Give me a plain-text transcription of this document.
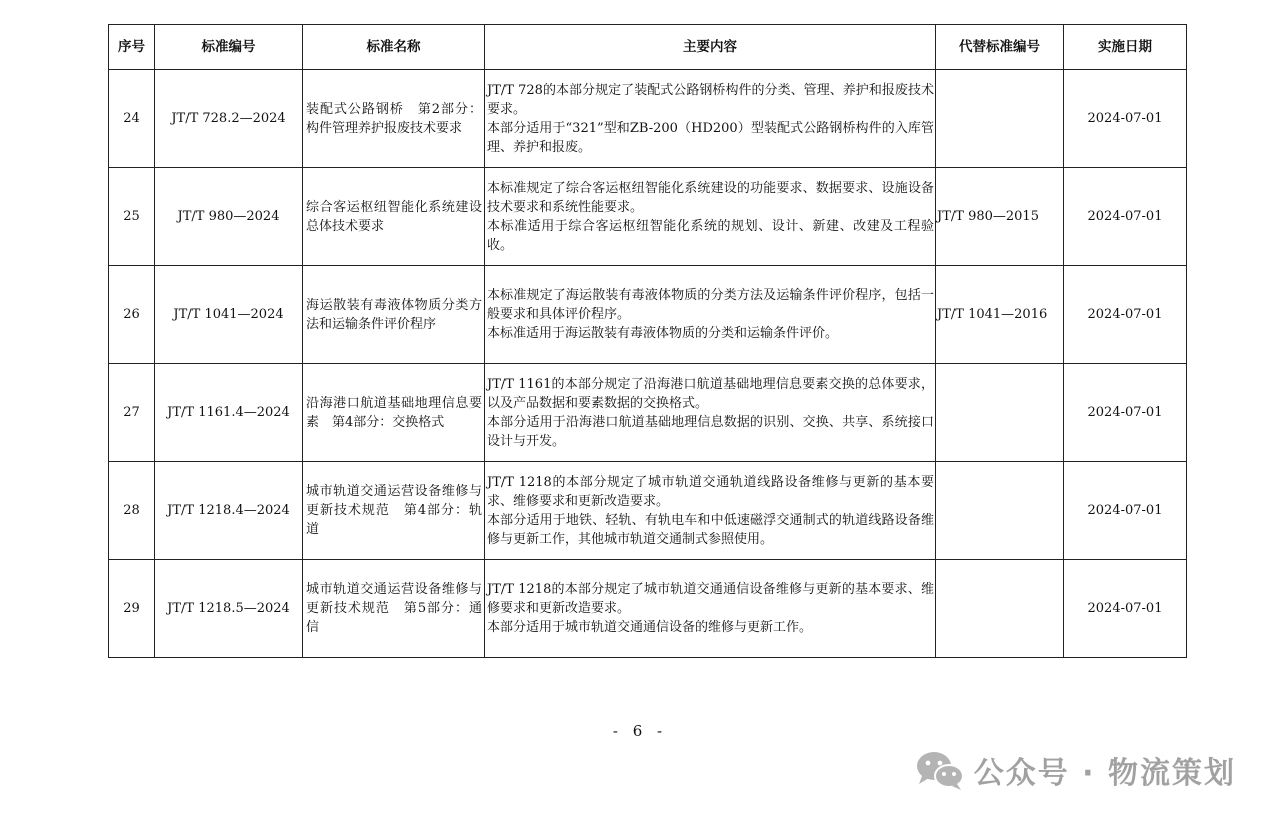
序号	标准编号	标准名称	主要内容	代替标准编号	实施日期
24	JT/T 728.2—2024	装配式公路钢桥　第2部分：构件管理养护报废技术要求	JT/T 728的本部分规定了装配式公路钢桥构件的分类、管理、养护和报废技术要求。

本部分适用于“321”型和ZB-200（HD200）型装配式公路钢桥构件的入库管理、养护和报废。		2024-07-01
25	JT/T 980—2024	综合客运枢纽智能化系统建设总体技术要求	本标准规定了综合客运枢纽智能化系统建设的功能要求、数据要求、设施设备技术要求和系统性能要求。

本标准适用于综合客运枢纽智能化系统的规划、设计、新建、改建及工程验收。	JT/T 980—2015	2024-07-01
26	JT/T 1041—2024	海运散装有毒液体物质分类方法和运输条件评价程序	本标准规定了海运散装有毒液体物质的分类方法及运输条件评价程序，包括一般要求和具体评价程序。

本标准适用于海运散装有毒液体物质的分类和运输条件评价。	JT/T 1041—2016	2024-07-01
27	JT/T 1161.4—2024	沿海港口航道基础地理信息要素　第4部分：交换格式	JT/T 1161的本部分规定了沿海港口航道基础地理信息要素交换的总体要求，以及产品数据和要素数据的交换格式。

本部分适用于沿海港口航道基础地理信息数据的识别、交换、共享、系统接口设计与开发。		2024-07-01
28	JT/T 1218.4—2024	城市轨道交通运营设备维修与更新技术规范　第4部分：轨道	JT/T 1218的本部分规定了城市轨道交通轨道线路设备维修与更新的基本要求、维修要求和更新改造要求。

本部分适用于地铁、轻轨、有轨电车和中低速磁浮交通制式的轨道线路设备维修与更新工作，其他城市轨道交通制式参照使用。		2024-07-01
29	JT/T 1218.5—2024	城市轨道交通运营设备维修与更新技术规范　第5部分：通信	JT/T 1218的本部分规定了城市轨道交通通信设备维修与更新的基本要求、维修要求和更新改造要求。

本部分适用于城市轨道交通通信设备的维修与更新工作。		2024-07-01
- 6 -
公众号 · 物流策划
